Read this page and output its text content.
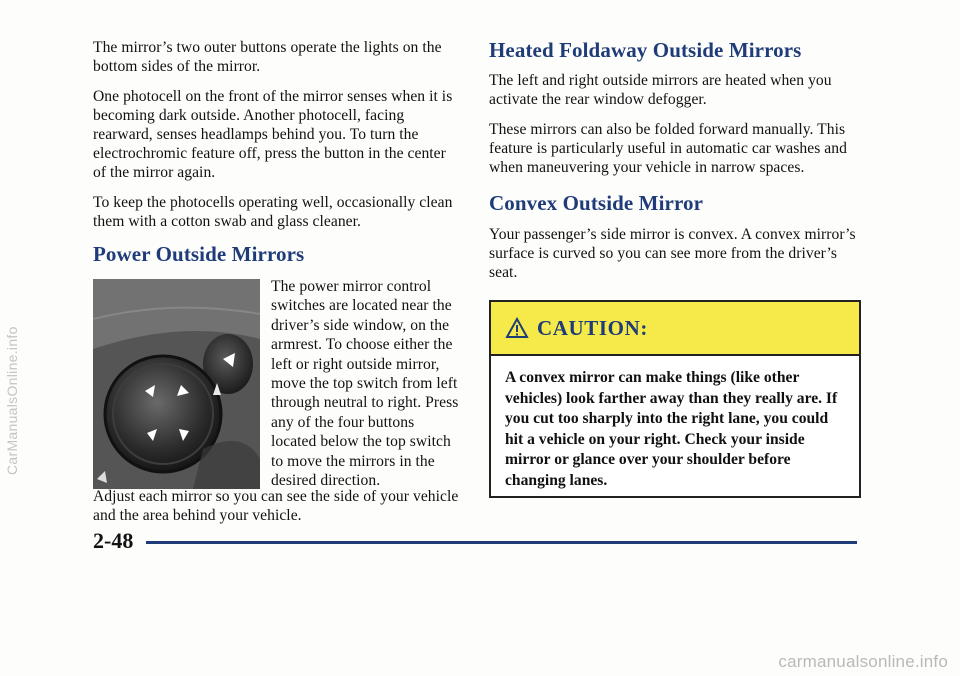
The mirror’s two outer buttons operate the lights on the bottom sides of the mirror.

One photocell on the front of the mirror senses when it is becoming dark outside. Another photocell, facing rearward, senses headlamps behind you. To turn the electrochromic feature off, press the button in the center of the mirror again.

To keep the photocells operating well, occasionally clean them with a cotton swab and glass cleaner.

Power Outside Mirrors

The power mirror control switches are located near the driver’s side window, on the armrest. To choose either the left or right outside mirror, move the top switch from left through neutral to right. Press any of the four buttons located below the top switch to move the mirrors in the desired direction.

Adjust each mirror so you can see the side of your vehicle and the area behind your vehicle.

Heated Foldaway Outside Mirrors

The left and right outside mirrors are heated when you activate the rear window defogger.

These mirrors can also be folded forward manually. This feature is particularly useful in automatic car washes and when maneuvering your vehicle in narrow spaces.

Convex Outside Mirror

Your passenger’s side mirror is convex. A convex mirror’s surface is curved so you can see more from the driver’s seat.

CAUTION:
A convex mirror can make things (like other vehicles) look farther away than they really are. If you cut too sharply into the right lane, you could hit a vehicle on your right. Check your inside mirror or glance over your shoulder before changing lanes.
2-48
CarManualsOnline.info
carmanualsonline.info
